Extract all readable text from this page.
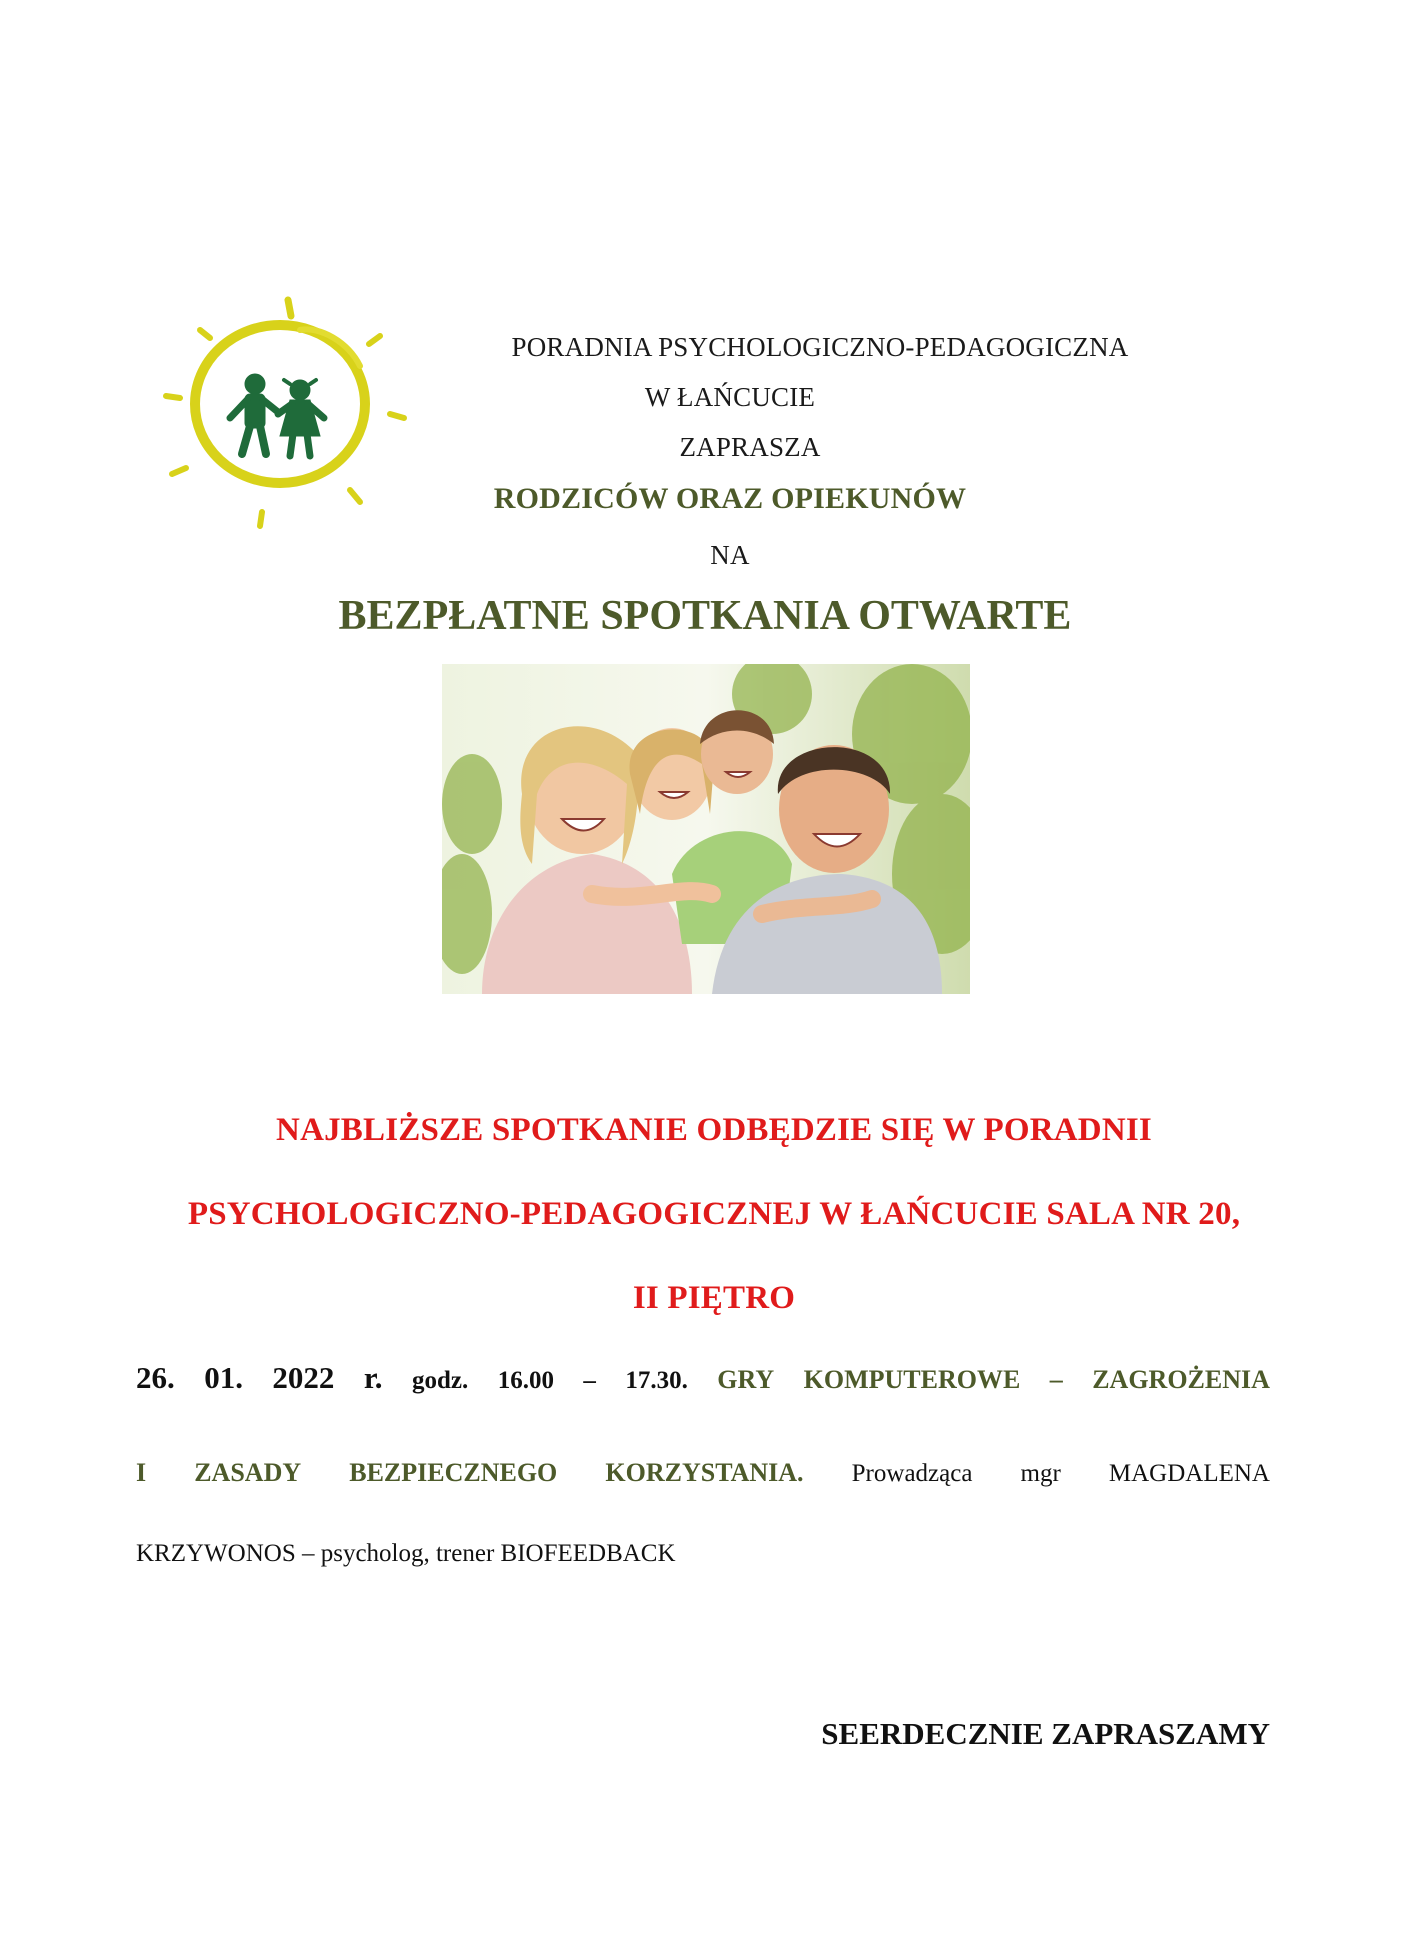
PORADNIA PSYCHOLOGICZNO-PEDAGOGICZNA
W ŁAŃCUCIE
ZAPRASZA
RODZICÓW ORAZ OPIEKUNÓW
NA
BEZPŁATNE SPOTKANIA OTWARTE
NAJBLIŻSZE SPOTKANIE ODBĘDZIE SIĘ W PORADNII
PSYCHOLOGICZNO-PEDAGOGICZNEJ W ŁAŃCUCIE SALA NR 20,
II PIĘTRO
26. 01. 2022 r. godz. 16.00 – 17.30. GRY KOMPUTEROWE – ZAGROŻENIA
I ZASADY BEZPIECZNEGO KORZYSTANIA. Prowadząca mgr MAGDALENA
KRZYWONOS – psycholog, trener BIOFEEDBACK
SEERDECZNIE ZAPRASZAMY
